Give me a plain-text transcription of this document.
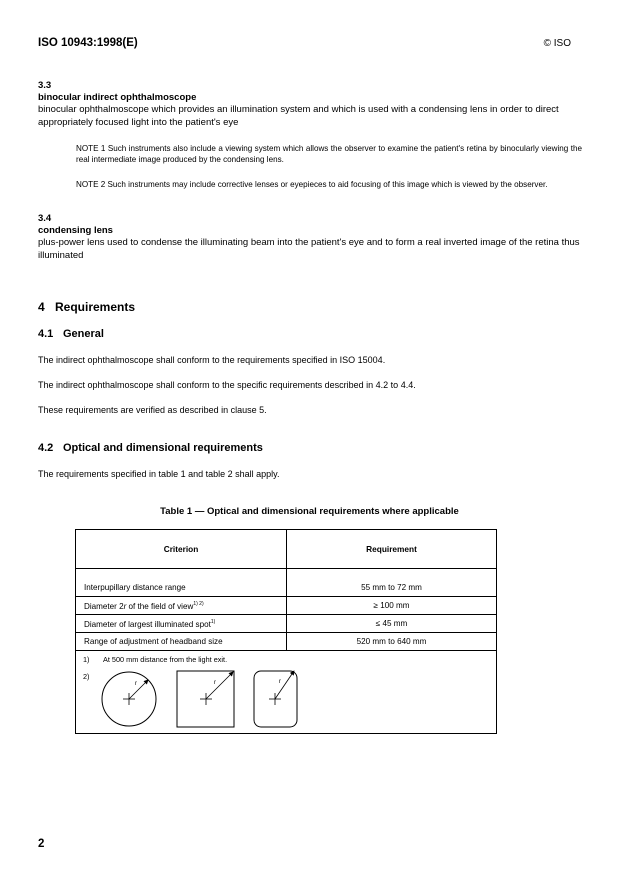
ISO 10943:1998(E)	© ISO
3.3
binocular indirect ophthalmoscope
binocular ophthalmoscope which provides an illumination system and which is used with a condensing lens in order to direct appropriately focused light into the patient's eye
NOTE 1 Such instruments also include a viewing system which allows the observer to examine the patient's retina by binocularly viewing the real intermediate image produced by the condensing lens.
NOTE 2 Such instruments may include corrective lenses or eyepieces to aid focusing of this image which is viewed by the observer.
3.4
condensing lens
plus-power lens used to condense the illuminating beam into the patient's eye and to form a real inverted image of the retina thus illuminated
4 Requirements
4.1 General
The indirect ophthalmoscope shall conform to the requirements specified in ISO 15004.
The indirect ophthalmoscope shall conform to the specific requirements described in 4.2 to 4.4.
These requirements are verified as described in clause 5.
4.2 Optical and dimensional requirements
The requirements specified in table 1 and table 2 shall apply.
Table 1 — Optical and dimensional requirements where applicable
Criterion	Requirement

Interpupillary distance range	55 mm to 72 mm
Diameter 2r of the field of view$^{1) 2)}$	≥ 100 mm
Diameter of largest illuminated spot$^{1)}$	≤ 45 mm
Range of adjustment of headband size	520 mm to 640 mm

1) At 500 mm distance from the light exit.
2)
r r r	
2
